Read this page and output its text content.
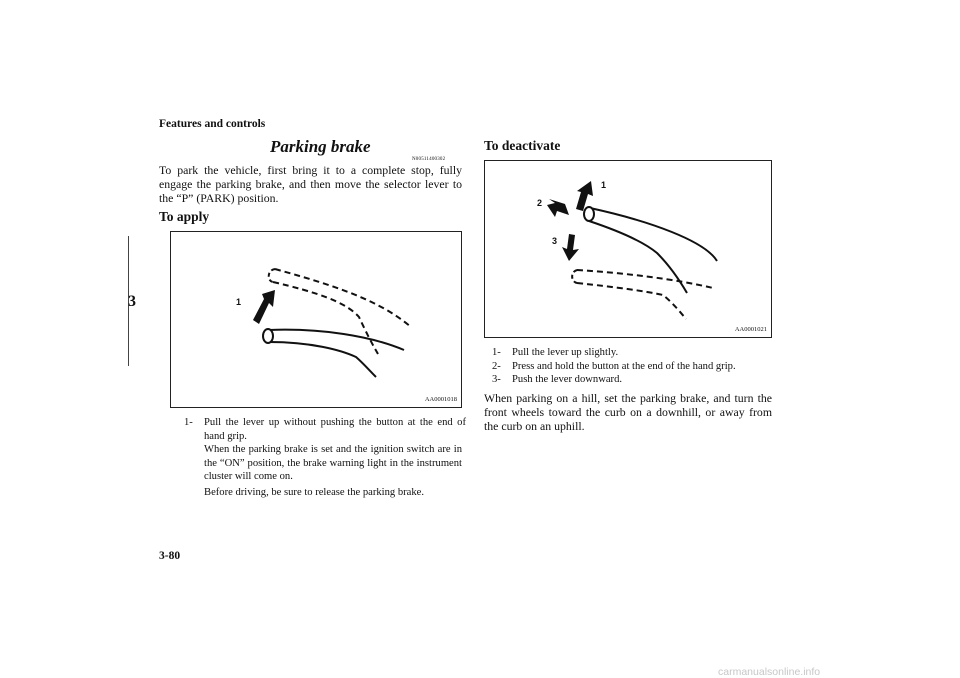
Features and controls
3
Parking brake
N00511400302
To park the vehicle, first bring it to a complete stop, fully engage the parking brake, and then move the selector lever to the “P” (PARK) position.
To apply
1
AA0001018
1-	Pull the lever up without pushing the button at the end of hand grip.
When the parking brake is set and the ignition switch are in the “ON” position, the brake warning light in the instrument cluster will come on.
Before driving, be sure to release the parking brake.
To deactivate
1
2
3
AA0001021
1-	Pull the lever up slightly.
2-	Press and hold the button at the end of the hand grip.
3-	Push the lever downward.
When parking on a hill, set the parking brake, and turn the front wheels toward the curb on a downhill, or away from the curb on an uphill.
3-80
carmanualsonline.info
